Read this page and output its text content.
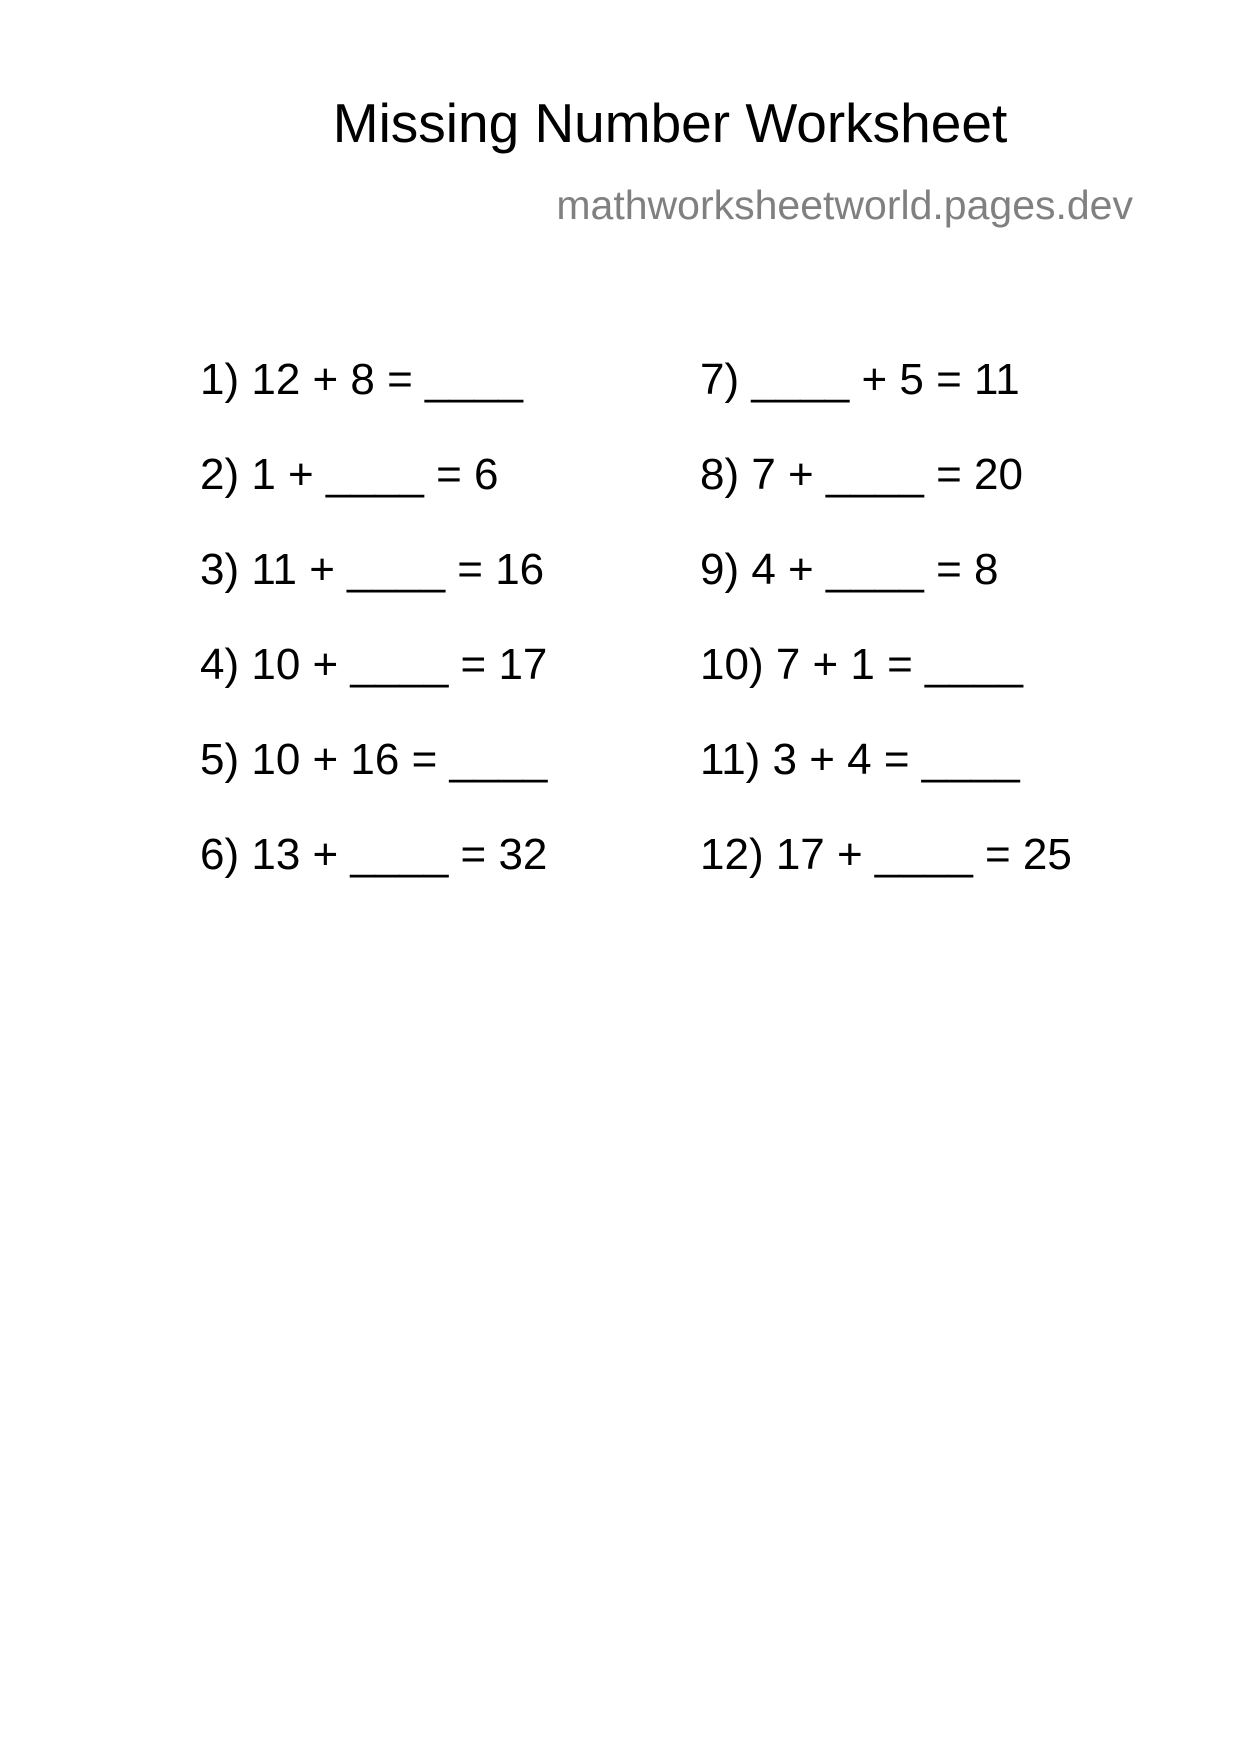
Missing Number Worksheet
mathworksheetworld.pages.dev
1) 12 + 8 = ____
2) 1 + ____ = 6
3) 11 + ____ = 16
4) 10 + ____ = 17
5) 10 + 16 = ____
6) 13 + ____ = 32
7) ____ + 5 = 11
8) 7 + ____ = 20
9) 4 + ____ = 8
10) 7 + 1 = ____
11) 3 + 4 = ____
12) 17 + ____ = 25
